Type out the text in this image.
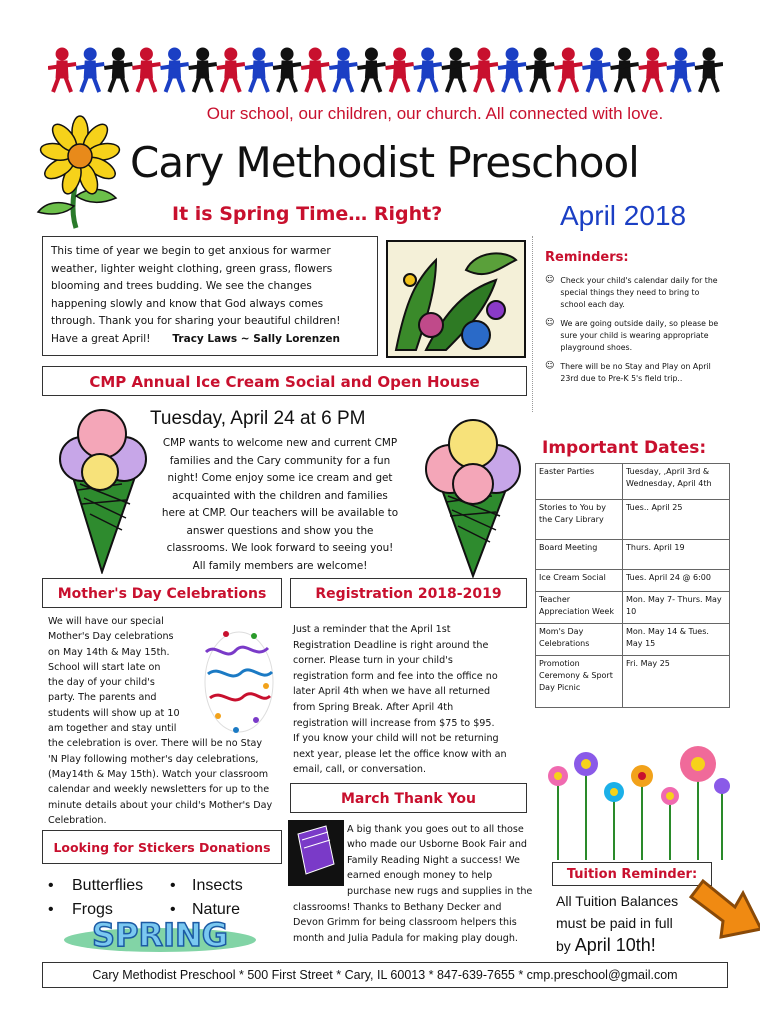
Our school, our children, our church. All connected with love.
Cary Methodist Preschool
It is Spring Time… Right?	April 2018
This time of year we begin to get anxious for warmer
weather, lighter weight clothing, green grass, flowers
blooming and trees budding. We see the changes
happening slowly and know that God always comes
through. Thank you for sharing your beautiful children!
Have a great April! Tracy Laws ~ Sally Lorenzen
Reminders:
☺ Check your child's calendar daily for the special things they need to bring to school each day.
☺ We are going outside daily, so please be sure your child is wearing appropriate playground shoes.
☺ There will be no Stay and Play on April 23rd due to Pre-K 5's field trip..
CMP Annual Ice Cream Social and Open House
Tuesday, April 24 at 6 PM
CMP wants to welcome new and current CMP
families and the Cary community for a fun
night! Come enjoy some ice cream and get
acquainted with the children and families
here at CMP. Our teachers will be available to
answer questions and show you the
classrooms. We look forward to seeing you!
All family members are welcome!
Important Dates:
Easter Parties	Tuesday, ,April 3rd & Wednesday, April 4th
Stories to You by the Cary Library	Tues.. April 25
Board Meeting	Thurs. April 19
Ice Cream Social	Tues. April 24 @ 6:00
Teacher Appreciation Week	Mon. May 7- Thurs. May 10
Mom's Day Celebrations	Mon. May 14 & Tues. May 15
Promotion Ceremony & Sport Day Picnic	Fri. May 25
Mother's Day Celebrations
We will have our special
Mother's Day celebrations
on May 14th & May 15th.
School will start late on
the day of your child's
party. The parents and
students will show up at 10
am together and stay until
the celebration is over. There will be no Stay
'N Play following mother's day celebrations,
(May14th & May 15th). Watch your classroom
calendar and weekly newsletters for up to the
minute details about your child's Mother's Day
Celebration.
Registration 2018-2019
Just a reminder that the April 1st
Registration Deadline is right around the
corner. Please turn in your child's
registration form and fee into the office no
later April 4th when we have all returned
from Spring Break. After April 4th
registration will increase from $75 to $95.
If you know your child will not be returning
next year, please let the office know with an
email, call, or conversation.
March Thank You
A big thank you goes out to all those
who made our Usborne Book Fair and
Family Reading Night a success! We
earned enough money to help
purchase new rugs and supplies in the
classrooms! Thanks to Bethany Decker and
Devon Grimm for being classroom helpers this
month and Julia Padula for making play dough.
Looking for Stickers Donations
•	Butterflies	•	Insects
•	Frogs	•	Nature
SPRING
Tuition Reminder:
All Tuition Balances
must be paid in full
by April 10th!
Cary Methodist Preschool * 500 First Street * Cary, IL 60013 * 847-639-7655 * cmp.preschool@gmail.com
